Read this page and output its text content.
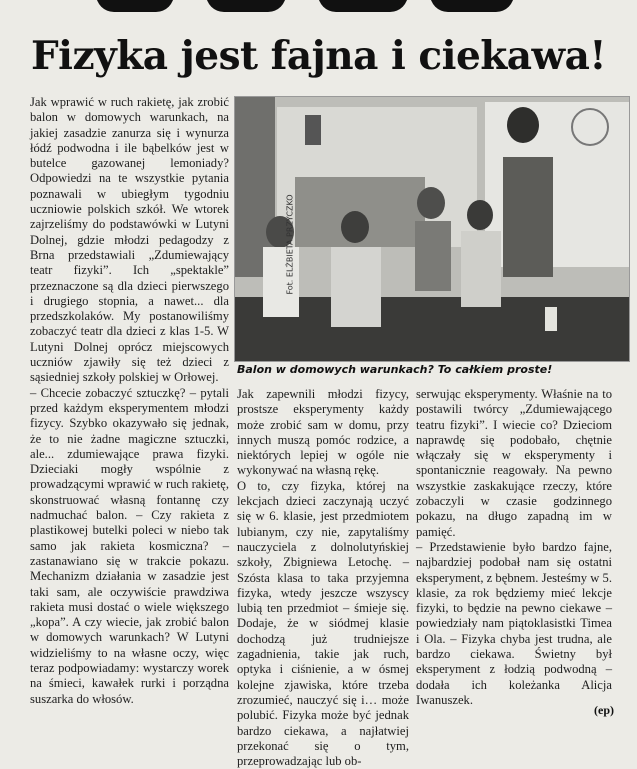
Fizyka jest fajna i ciekawa!

Jak wprawić w ruch rakietę, jak zrobić balon w domowych warunkach, na jakiej zasadzie zanurza się i wynurza łódź podwodna i ile bąbelków jest w butelce gazowanej lemoniady? Odpowiedzi na te wszystkie pytania poznawali w ubiegłym tygodniu uczniowie polskich szkół. We wtorek zajrzeliśmy do podstawówki w Lutyni Dolnej, gdzie młodzi pedagodzy z Brna przedstawiali „Zdumiewający teatr fizyki”. Ich „spektakle” przeznaczone są dla dzieci pierwszego i drugiego stopnia, a nawet... dla przedszkolaków. My postanowiliśmy zobaczyć teatr dla dzieci z klas 1-5. W Lutyni Dolnej oprócz miejscowych uczniów zjawiły się też dzieci z sąsiedniej szkoły polskiej w Orłowej.

– Chcecie zobaczyć sztuczkę? – pytali przed każdym eksperymentem młodzi fizycy. Szybko okazywało się jednak, że to nie żadne magiczne sztuczki, ale... zdumiewające prawa fizyki. Dzieciaki mogły wspólnie z prowadzącymi wprawić w ruch rakietę, skonstruować własną fontannę czy nadmuchać balon. – Czy rakieta z plastikowej butelki poleci w niebo tak samo jak rakieta kosmiczna? – zastanawiano się w trakcie pokazu. Mechanizm działania w zasadzie jest taki sam, ale oczywiście prawdziwa rakieta musi dostać o wiele większego „kopa”. A czy wiecie, jak zrobić balon w domowych warunkach? W Lutyni widzieliśmy to na własne oczy, więc teraz podpowiadamy: wystarczy worek na śmieci, kawałek rurki i porządna suszarka do włosów.

Fot. ELŻBIETA PRZYCZKO
Balon w domowych warunkach? To całkiem proste!

Jak zapewnili młodzi fizycy, prostsze eksperymenty każdy może zrobić sam w domu, przy innych muszą pomóc rodzice, a niektórych lepiej w ogóle nie wykonywać na własną rękę.

O to, czy fizyka, której na lekcjach dzieci zaczynają uczyć się w 6. klasie, jest przedmiotem lubianym, czy nie, zapytaliśmy nauczyciela z dolnolutyńskiej szkoły, Zbigniewa Letochę. – Szósta klasa to taka przyjemna fizyka, wtedy jeszcze wszyscy lubią ten przedmiot – śmieje się. Dodaje, że w siódmej klasie dochodzą już trudniejsze zagadnienia, takie jak ruch, optyka i ciśnienie, a w ósmej kolejne zjawiska, które trzeba zrozumieć, nauczyć się i… może polubić. Fizyka może być jednak bardzo ciekawa, a najłatwiej przekonać się o tym, przeprowadzając lub ob-

serwując eksperymenty. Właśnie na to postawili twórcy „Zdumiewającego teatru fizyki”. I wiecie co? Dzieciom naprawdę się podobało, chętnie włączały się w eksperymenty i spontanicznie reagowały. Na pewno wszystkie zaskakujące rzeczy, które zobaczyli w czasie godzinnego pokazu, na długo zapadną im w pamięć.

– Przedstawienie było bardzo fajne, najbardziej podobał nam się ostatni eksperyment, z bębnem. Jesteśmy w 5. klasie, za rok będziemy mieć lekcje fizyki, to będzie na pewno ciekawe – powiedziały nam piątoklasistki Timea i Ola. – Fizyka chyba jest trudna, ale bardzo ciekawa. Świetny był eksperyment z łodzią podwodną – dodała ich koleżanka Alicja Iwanuszek.

(ep)
